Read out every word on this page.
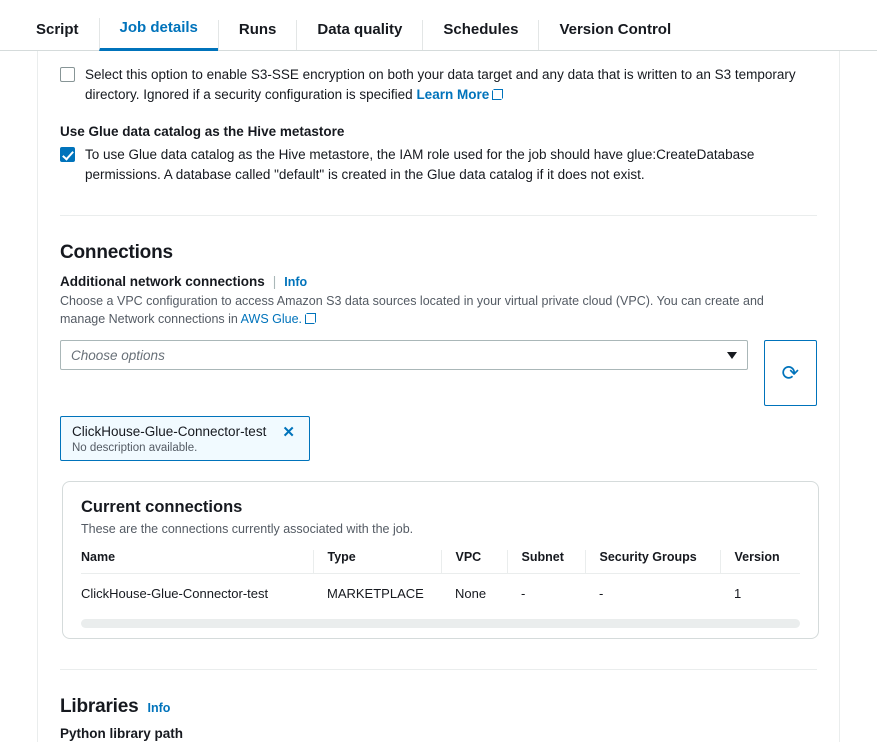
Script	Job details	Runs	Data quality	Schedules	Version Control
Select this option to enable S3-SSE encryption on both your data target and any data that is written to an S3 temporary directory. Ignored if a security configuration is specified Learn More
Use Glue data catalog as the Hive metastore
To use Glue data catalog as the Hive metastore, the IAM role used for the job should have glue:CreateDatabase permissions. A database called "default" is created in the Glue data catalog if it does not exist.
Connections
Additional network connections | Info
Choose a VPC configuration to access Amazon S3 data sources located in your virtual private cloud (VPC). You can create and manage Network connections in AWS Glue.
Choose options
⟳
ClickHouse-Glue-Connector-test
No description available.
✕
Current connections
These are the connections currently associated with the job.
Name	Type	VPC	Subnet	Security Groups	Version
ClickHouse-Glue-Connector-test	MARKETPLACE	None	-	-	1
Libraries Info
Python library path
